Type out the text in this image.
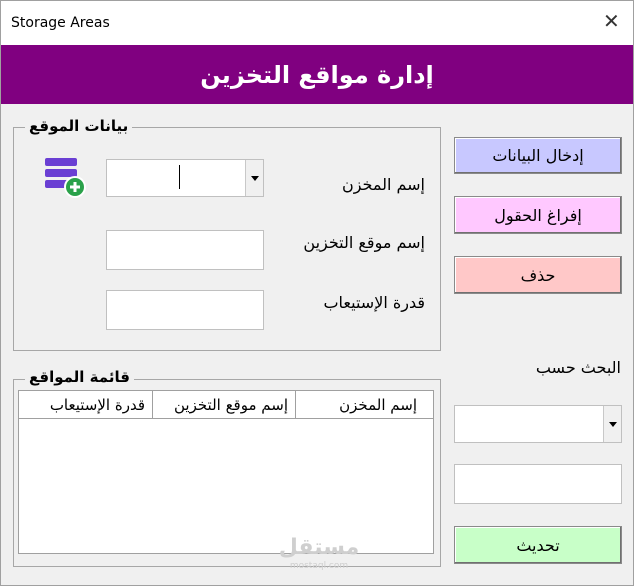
Storage Areas	✕
إدارة مواقع التخزين
بيانات الموقع
إسم المخزن
إسم موقع التخزين
قدرة الإستيعاب
قائمة المواقع
إسم المخزن
إسم موقع التخزين
قدرة الإستيعاب
إدخال البيانات
إفراغ الحقول
حذف
البحث حسب
تحديث
مستقل
mostaql.com
